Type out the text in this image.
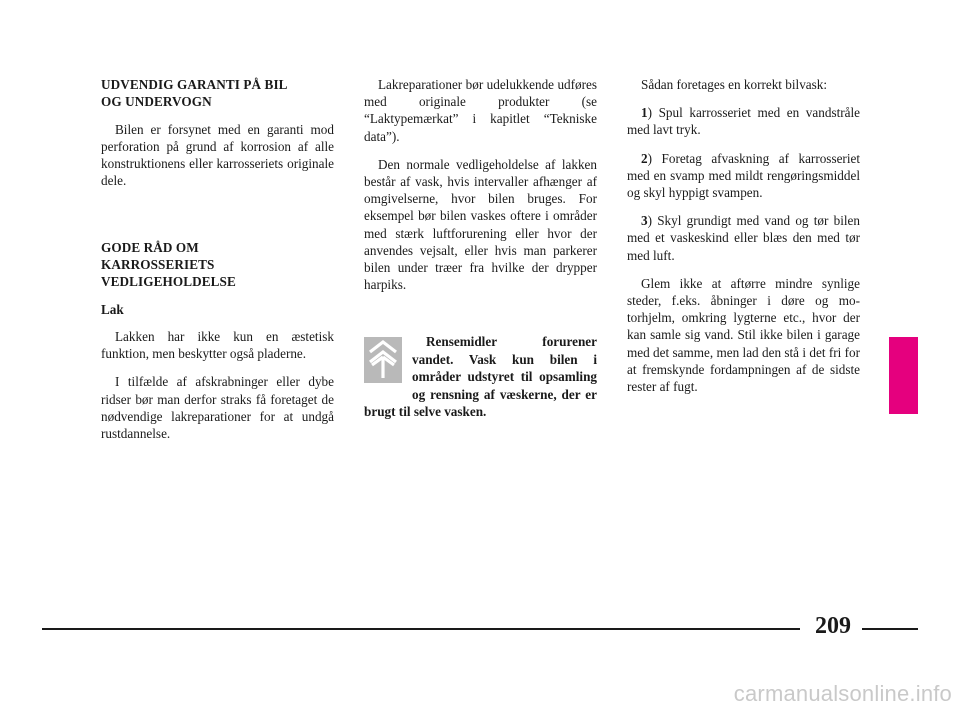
UDVENDIG GARANTI PÅ BIL
OG UNDERVOGN

Bilen er forsynet med en garanti mod perforation på grund af korrosion af alle konstruktionens eller karrosseriets originale dele.

GODE RÅD OM
KARROSSERIETS
VEDLIGEHOLDELSE
Lak

Lakken har ikke kun en æstetisk funktion, men beskytter også pladerne.

I tilfælde af afskrabninger eller dybe ridser bør man derfor straks få foretaget de nødvendige lakreparationer for at undgå rustdannelse.

Lakreparationer bør udelukkende udføres med originale produkter (se “Laktypemærkat” i kapitlet “Tekniske data”).

Den normale vedligeholdelse af lakken består af vask, hvis intervaller afhænger af omgivelserne, hvor bilen bruges. For eksempel bør bilen vaskes oftere i områder med stærk luftforurening eller hvor der anvendes vejsalt, eller hvis man parkerer bilen under træer fra hvilke der drypper harpiks.

Rensemidler forurener vandet. Vask kun bilen i områder udstyret til opsamling og rensning af væskerne, der er brugt til selve vasken.

Sådan foretages en korrekt bilvask:

1) Spul karrosseriet med en vandstråle med lavt tryk.

2) Foretag afvaskning af karrosseriet med en svamp med mildt rengøringsmiddel og skyl hyppigt svampen.

3) Skyl grundigt med vand og tør bilen med et vaskeskind eller blæs den med tør med luft.

Glem ikke at aftørre mindre synlige steder, f.eks. åbninger i døre og motorhjelm, omkring lygterne etc., hvor der kan samle sig vand. Stil ikke bilen i garage med det samme, men lad den stå i det fri for at fremskynde fordampningen af de sidste rester af fugt.

209
carmanualsonline.info
